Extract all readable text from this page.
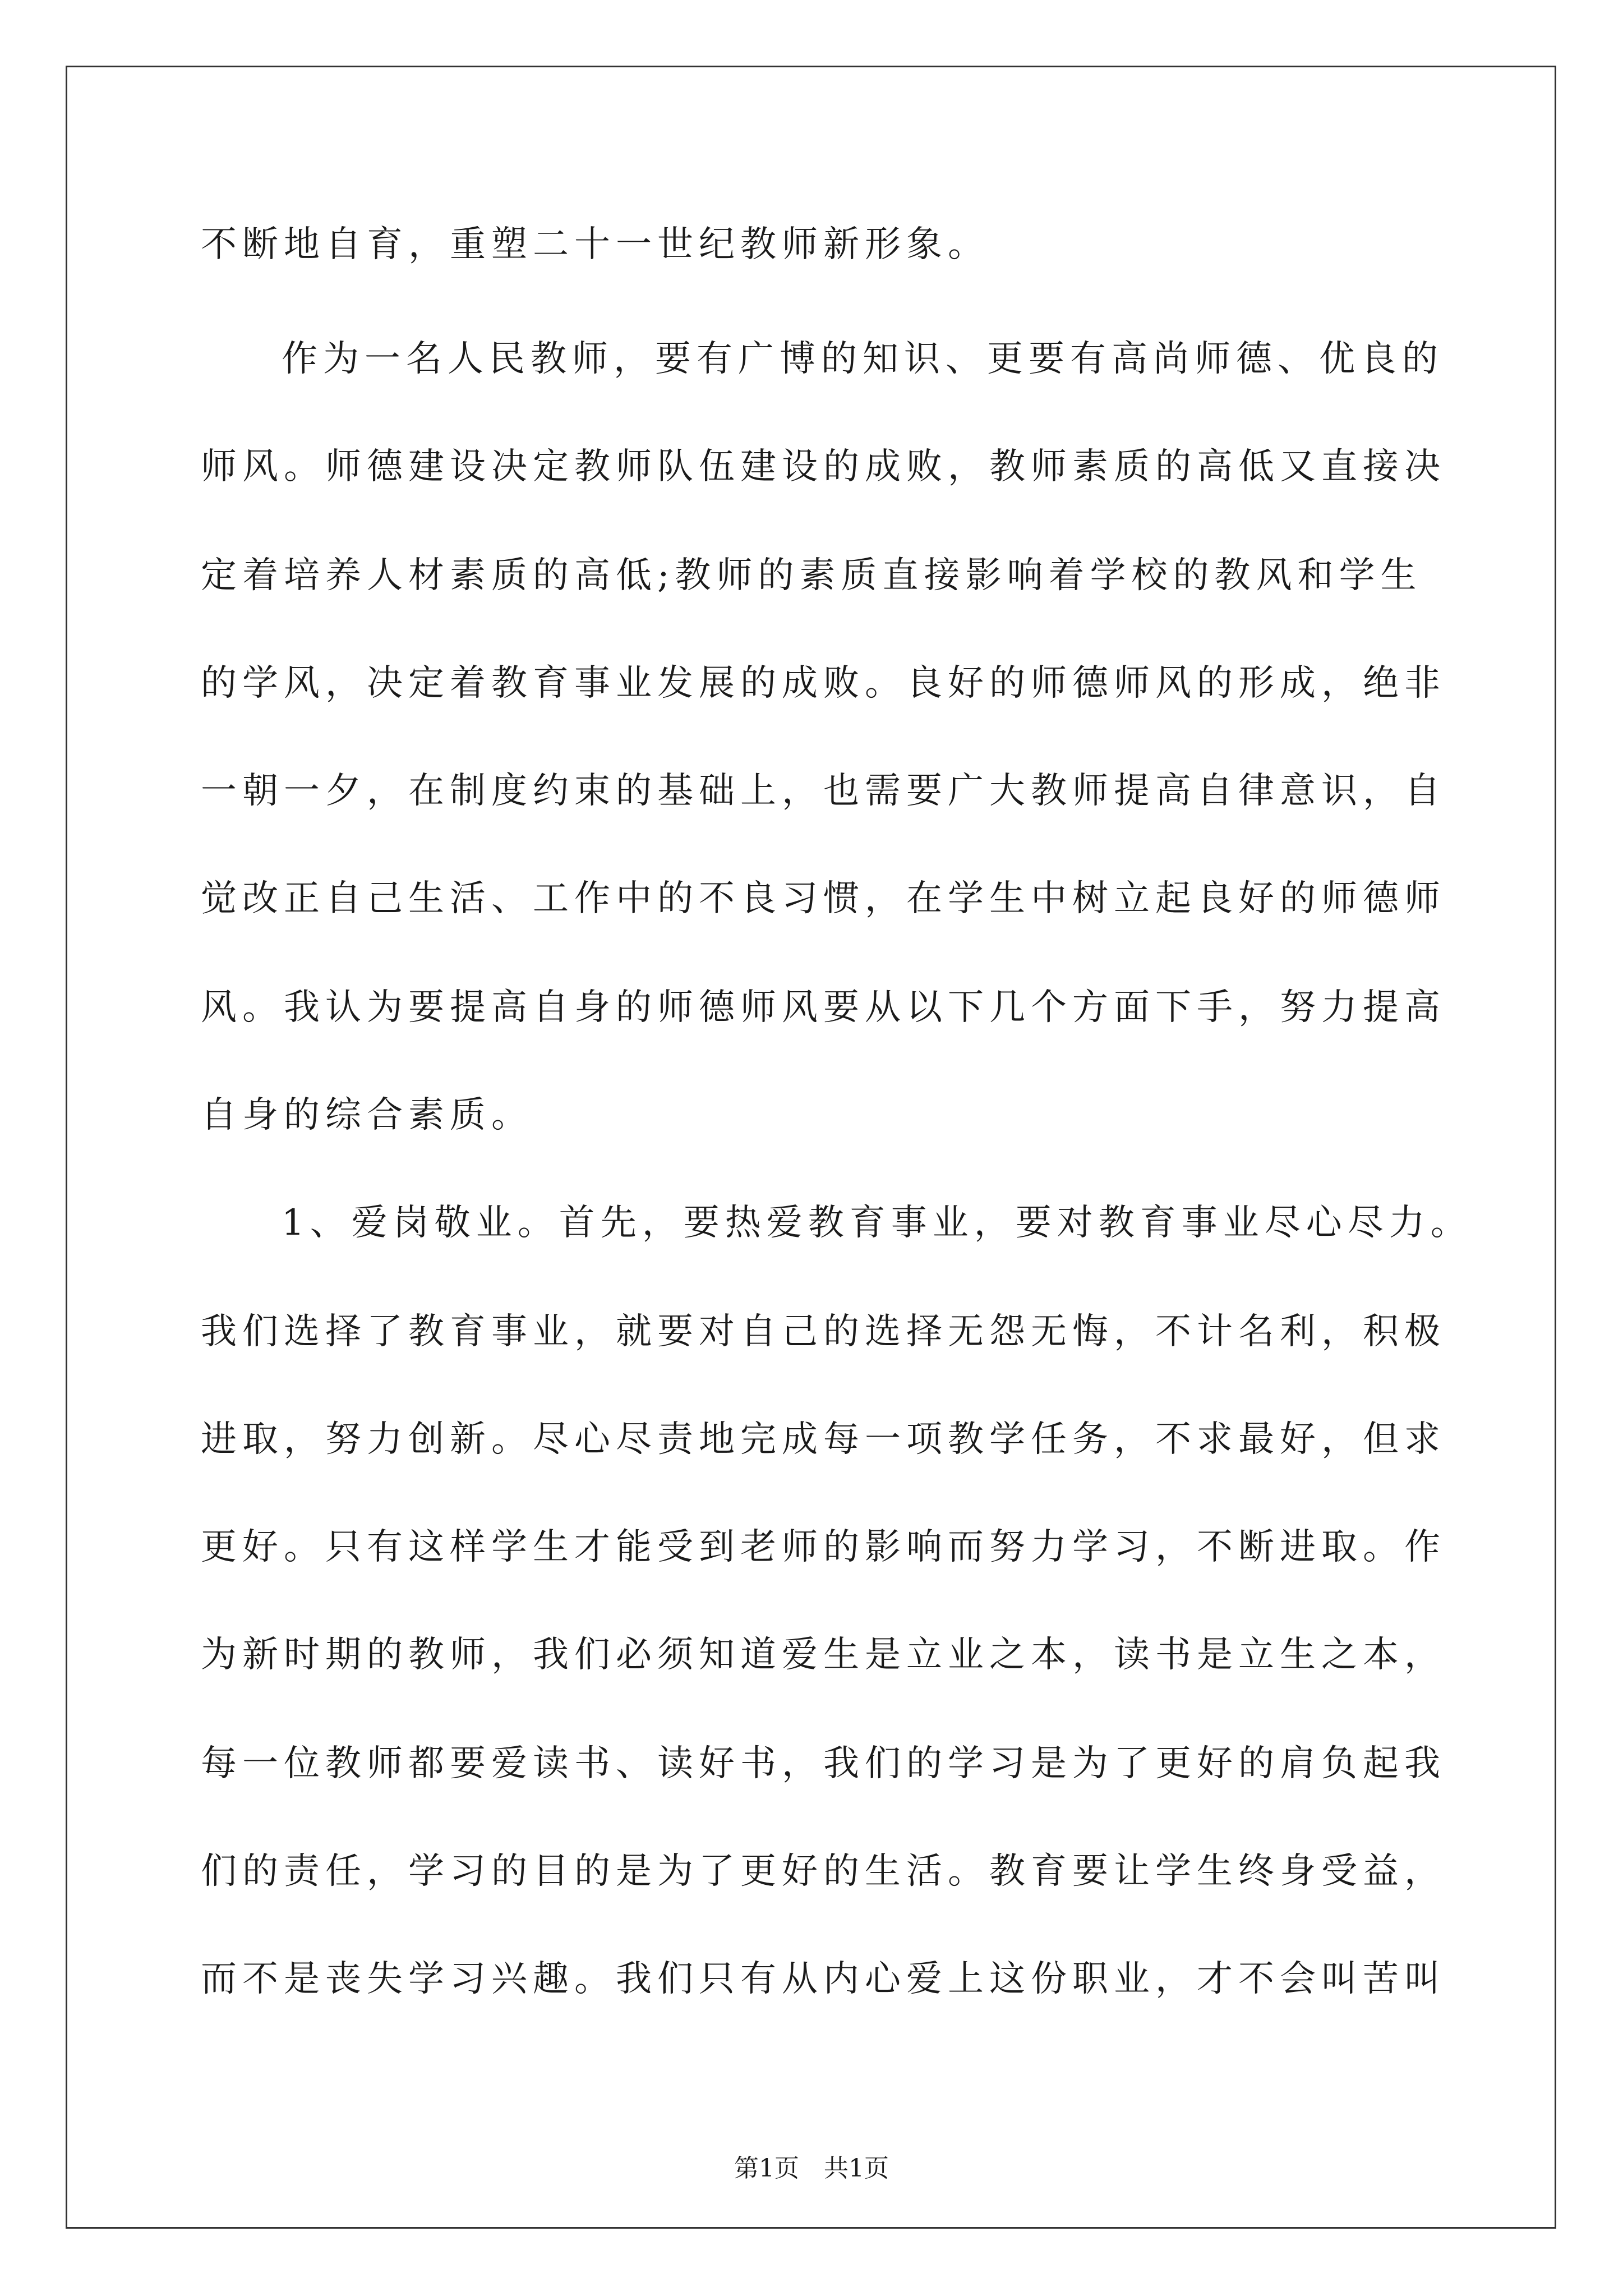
不断地自育，重塑二十一世纪教师新形象。
作为一名人民教师，要有广博的知识、更要有高尚师德、优良的
师风。师德建设决定教师队伍建设的成败，教师素质的高低又直接决
定着培养人材素质的高低;教师的素质直接影响着学校的教风和学生
的学风，决定着教育事业发展的成败。良好的师德师风的形成，绝非
一朝一夕，在制度约束的基础上，也需要广大教师提高自律意识，自
觉改正自己生活、工作中的不良习惯，在学生中树立起良好的师德师
风。我认为要提高自身的师德师风要从以下几个方面下手，努力提高
自身的综合素质。
1、爱岗敬业。首先，要热爱教育事业，要对教育事业尽心尽力。
我们选择了教育事业，就要对自己的选择无怨无悔，不计名利，积极
进取，努力创新。尽心尽责地完成每一项教学任务，不求最好，但求
更好。只有这样学生才能受到老师的影响而努力学习，不断进取。作
为新时期的教师，我们必须知道爱生是立业之本，读书是立生之本，
每一位教师都要爱读书、读好书，我们的学习是为了更好的肩负起我
们的责任，学习的目的是为了更好的生活。教育要让学生终身受益，
而不是丧失学习兴趣。我们只有从内心爱上这份职业，才不会叫苦叫
第1页　共1页
